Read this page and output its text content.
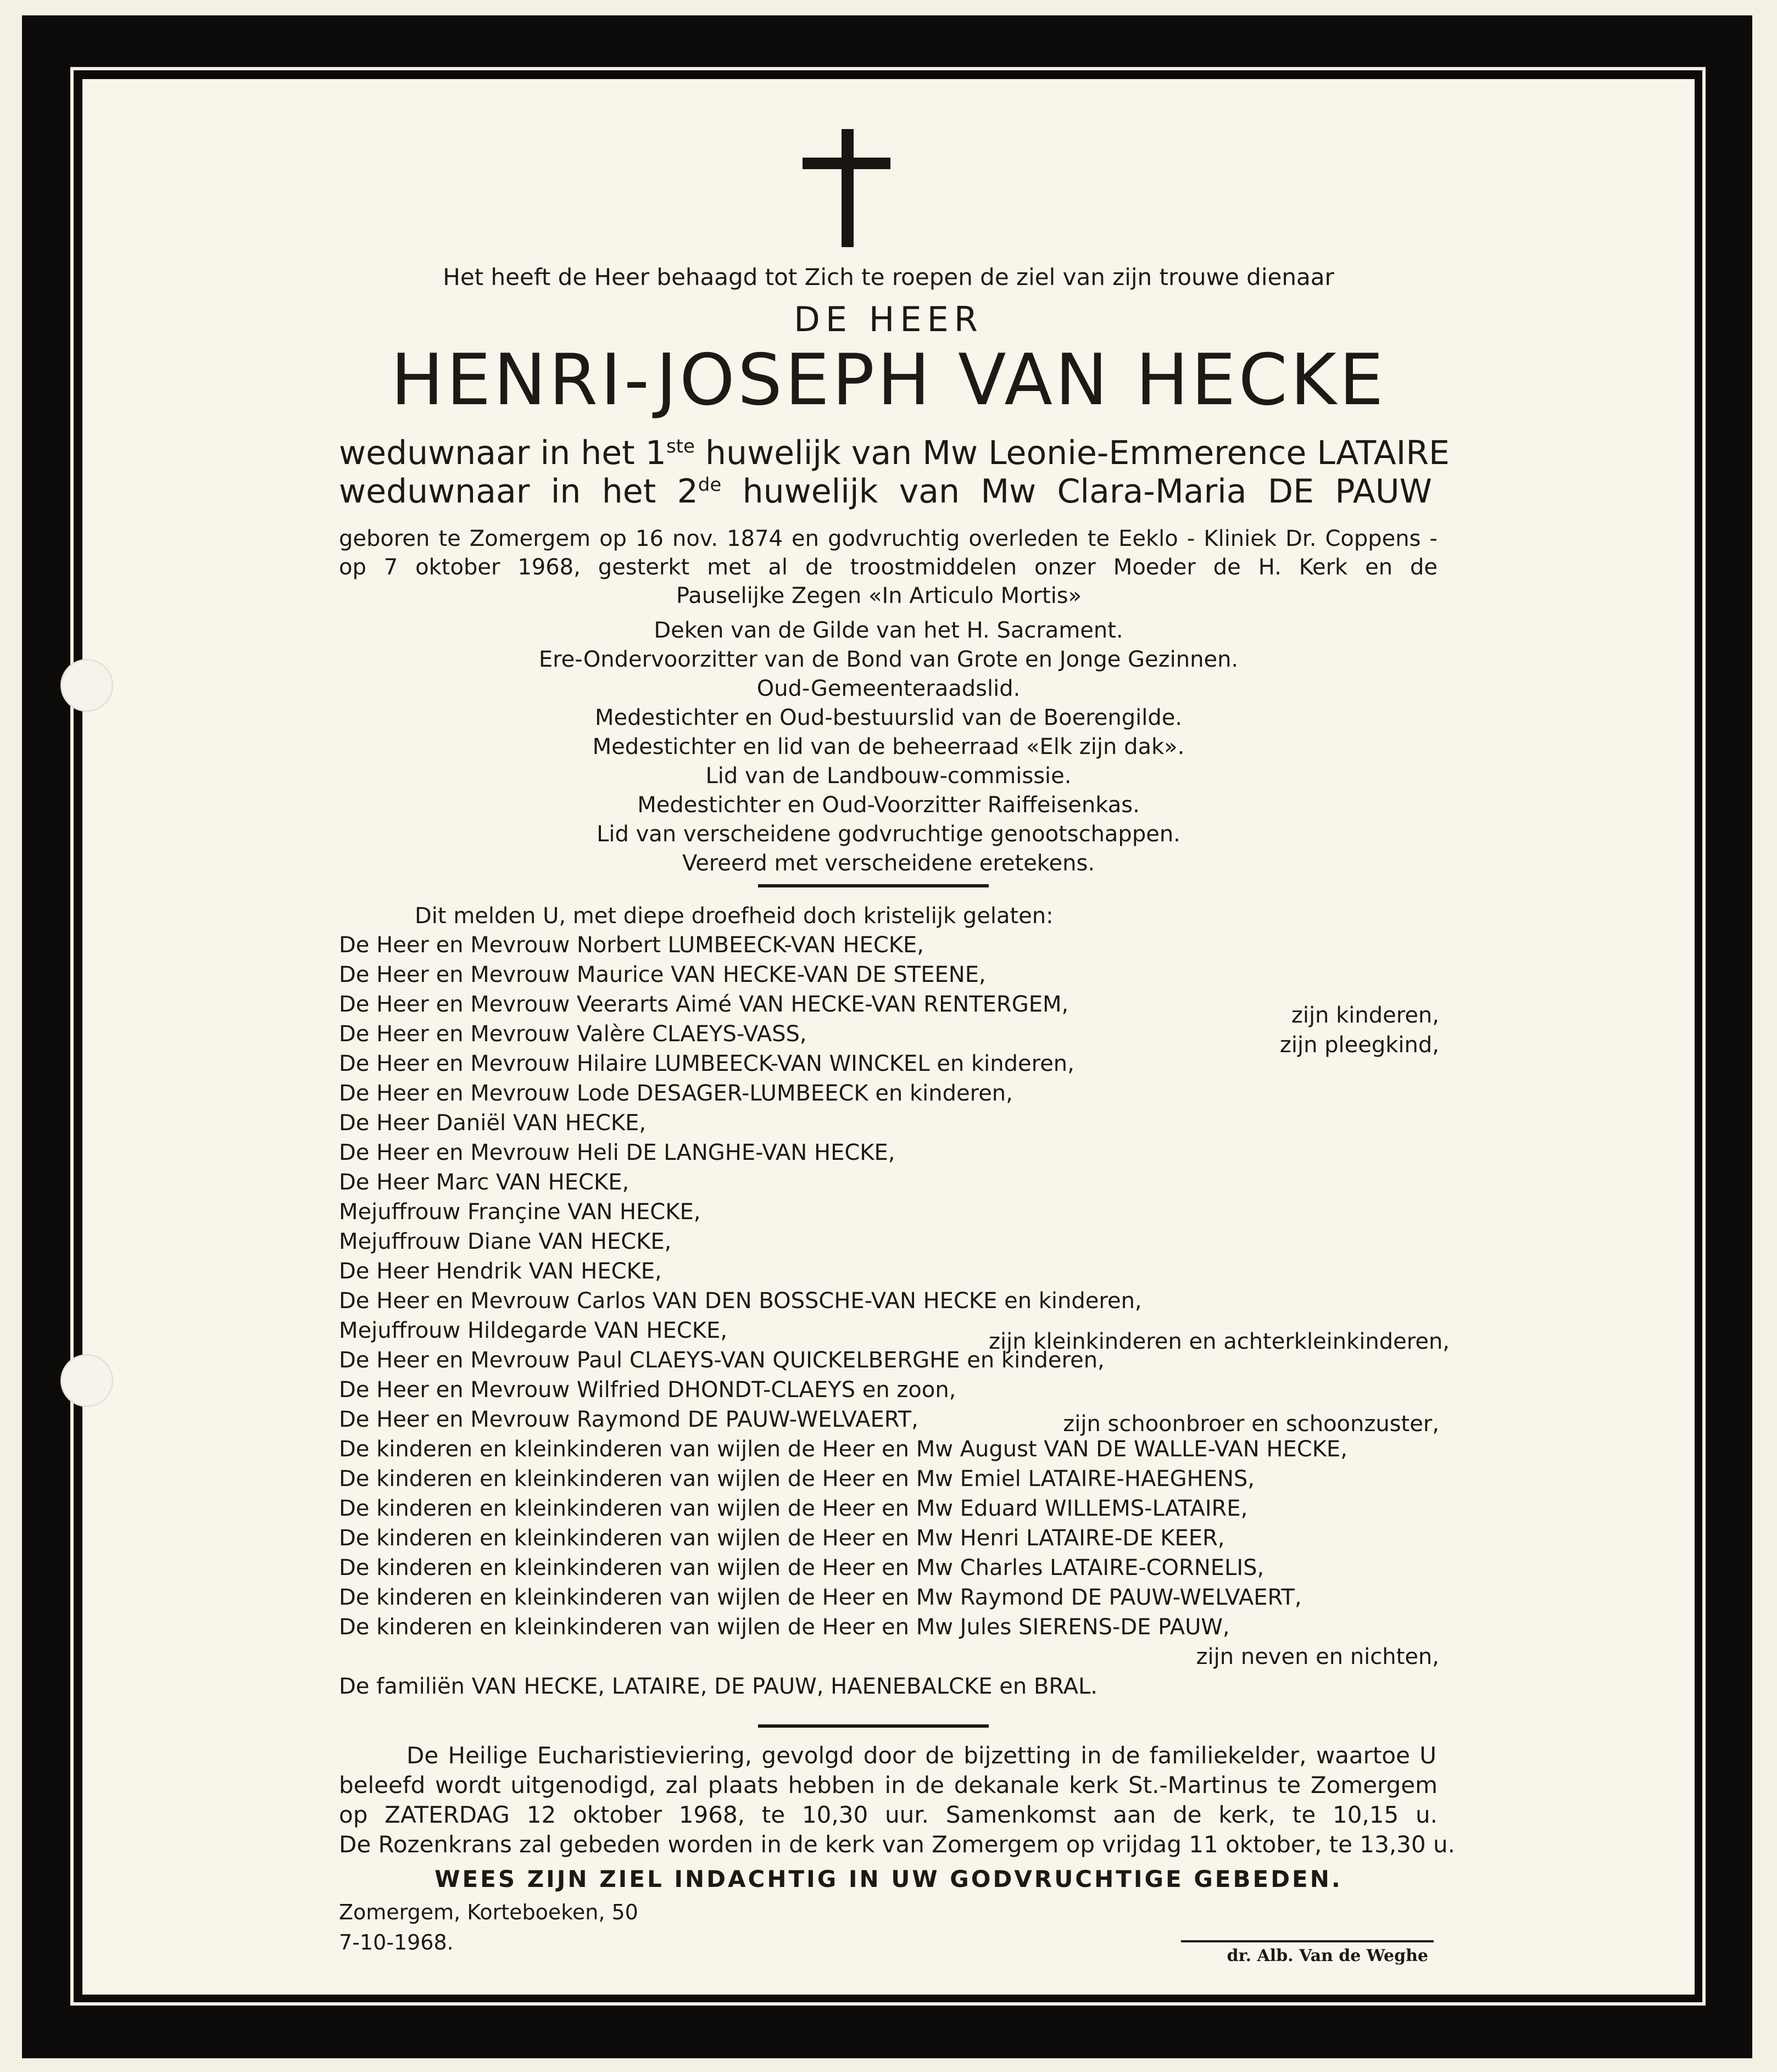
Het heeft de Heer behaagd tot Zich te roepen de ziel van zijn trouwe dienaar
DE HEER
HENRI-JOSEPH VAN HECKE
weduwnaar in het 1ste huwelijk van Mw Leonie-Emmerence LATAIRE
weduwnaar in het 2de huwelijk van Mw Clara-Maria DE PAUW
geboren te Zomergem op 16 nov. 1874 en godvruchtig overleden te Eeklo - Kliniek Dr. Coppens -
op 7 oktober 1968, gesterkt met al de troostmiddelen onzer Moeder de H. Kerk en de
Pauselijke Zegen «In Articulo Mortis»
Deken van de Gilde van het H. Sacrament.
Ere-Ondervoorzitter van de Bond van Grote en Jonge Gezinnen.
Oud-Gemeenteraadslid.
Medestichter en Oud-bestuurslid van de Boerengilde.
Medestichter en lid van de beheerraad «Elk zijn dak».
Lid van de Landbouw-commissie.
Medestichter en Oud-Voorzitter Raiffeisenkas.
Lid van verscheidene godvruchtige genootschappen.
Vereerd met verscheidene eretekens.
Dit melden U, met diepe droefheid doch kristelijk gelaten:
De Heer en Mevrouw Norbert LUMBEECK-VAN HECKE,
De Heer en Mevrouw Maurice VAN HECKE-VAN DE STEENE,
De Heer en Mevrouw Veerarts Aimé VAN HECKE-VAN RENTERGEM,	zijn kinderen,
De Heer en Mevrouw Valère CLAEYS-VASS,	zijn pleegkind,
De Heer en Mevrouw Hilaire LUMBEECK-VAN WINCKEL en kinderen,
De Heer en Mevrouw Lode DESAGER-LUMBEECK en kinderen,
De Heer Daniël VAN HECKE,
De Heer en Mevrouw Heli DE LANGHE-VAN HECKE,
De Heer Marc VAN HECKE,
Mejuffrouw Françine VAN HECKE,
Mejuffrouw Diane VAN HECKE,
De Heer Hendrik VAN HECKE,
De Heer en Mevrouw Carlos VAN DEN BOSSCHE-VAN HECKE en kinderen,
Mejuffrouw Hildegarde VAN HECKE,	zijn kleinkinderen en achterkleinkinderen,
De Heer en Mevrouw Paul CLAEYS-VAN QUICKELBERGHE en kinderen,
De Heer en Mevrouw Wilfried DHONDT-CLAEYS en zoon,
De Heer en Mevrouw Raymond DE PAUW-WELVAERT,	zijn schoonbroer en schoonzuster,
De kinderen en kleinkinderen van wijlen de Heer en Mw August VAN DE WALLE-VAN HECKE,
De kinderen en kleinkinderen van wijlen de Heer en Mw Emiel LATAIRE-HAEGHENS,
De kinderen en kleinkinderen van wijlen de Heer en Mw Eduard WILLEMS-LATAIRE,
De kinderen en kleinkinderen van wijlen de Heer en Mw Henri LATAIRE-DE KEER,
De kinderen en kleinkinderen van wijlen de Heer en Mw Charles LATAIRE-CORNELIS,
De kinderen en kleinkinderen van wijlen de Heer en Mw Raymond DE PAUW-WELVAERT,
De kinderen en kleinkinderen van wijlen de Heer en Mw Jules SIERENS-DE PAUW,
zijn neven en nichten,
De familiën VAN HECKE, LATAIRE, DE PAUW, HAENEBALCKE en BRAL.
De Heilige Eucharistieviering, gevolgd door de bijzetting in de familiekelder, waartoe U
beleefd wordt uitgenodigd, zal plaats hebben in de dekanale kerk St.-Martinus te Zomergem
op ZATERDAG 12 oktober 1968, te 10,30 uur. Samenkomst aan de kerk, te 10,15 u.
De Rozenkrans zal gebeden worden in de kerk van Zomergem op vrijdag 11 oktober, te 13,30 u.
WEES ZIJN ZIEL INDACHTIG IN UW GODVRUCHTIGE GEBEDEN.
Zomergem, Korteboeken, 50
7-10-1968.
dr. Alb. Van de Weghe
